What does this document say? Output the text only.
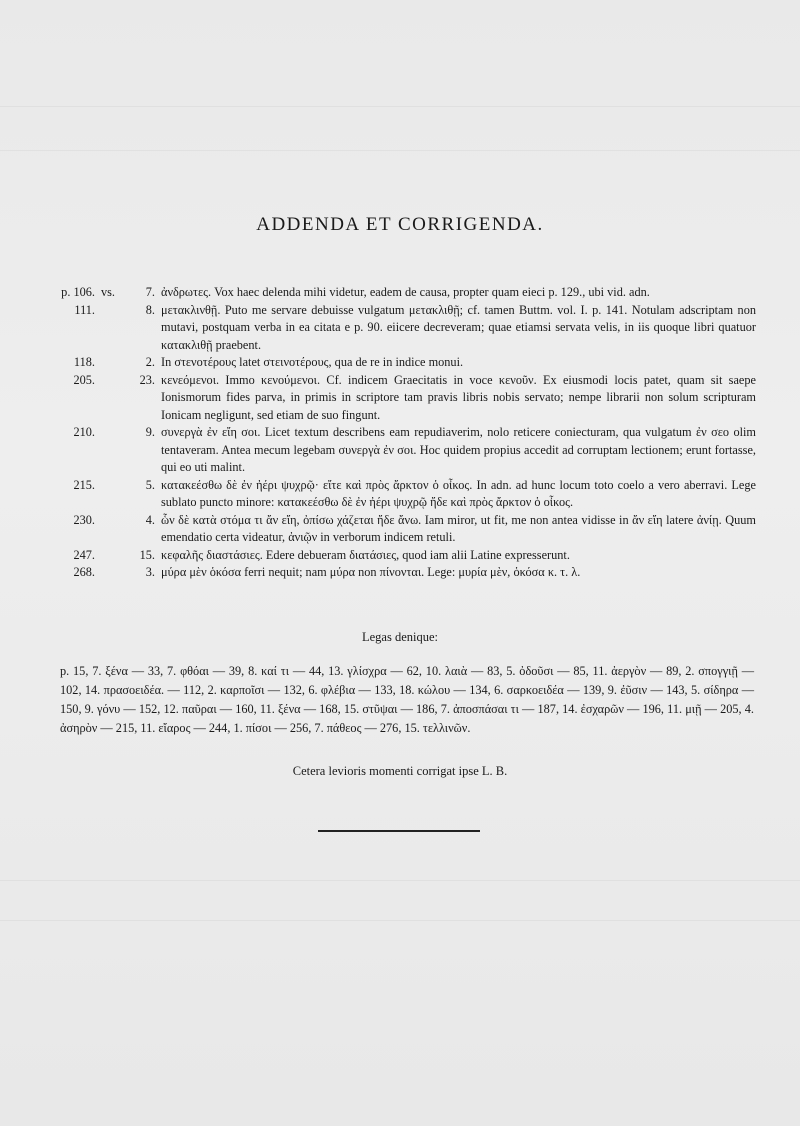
ADDENDA ET CORRIGENDA.
p. 106. vs.	7. ἀνδρωτες. Vox haec delenda mihi videtur, eadem de causa, propter quam eieci p. 129., ubi vid. adn.
111.	8. μετακλινθῇ. Puto me servare debuisse vulgatum μετακλιθῇ; cf. tamen Buttm. vol. I. p. 141. Notulam adscriptam non mutavi, postquam verba in ea citata e p. 90. eiicere decreveram; quae etiamsi servata velis, in iis quoque libri quatuor κατακλιθῇ praebent.
118.	2. In στενοτέρους latet στεινοτέρους, qua de re in indice monui.
205.	23. κενεόμενοι. Immo κενούμενοι. Cf. indicem Graecitatis in voce κενοῦν. Ex eiusmodi locis patet, quam sit saepe Ionismorum fides parva, in primis in scriptore tam pravis libris nobis servato; nempe librarii non solum scripturam Ionicam negligunt, sed etiam de suo fingunt.
210.	9. συνεργὰ ἐν εἴη σοι. Licet textum describens eam repudiaverim, nolo reticere coniecturam, qua vulgatum ἐν σεο olim tentaveram. Antea mecum legebam συνεργὰ ἐν σοι. Hoc quidem propius accedit ad corruptam lectionem; erunt fortasse, qui eo uti malint.
215.	5. κατακεέσθω δὲ ἐν ἠέρι ψυχρῷ· εἴτε καὶ πρὸς ἄρκτον ὁ οἶκος. In adn. ad hunc locum toto coelo a vero aberravi. Lege sublato puncto minore: κατακεέσθω δὲ ἐν ἠέρι ψυχρῷ ἤδε καὶ πρὸς ἄρκτον ὁ οἶκος.
230.	4. ὧν δὲ κατὰ στόμα τι ἄν εἴη, ὀπίσω χάζεται ἤδε ἄνω. Iam miror, ut fit, me non antea vidisse in ἄν εἴη latere ἀνίῃ. Quum emendatio certa videatur, ἀνιῷν in verborum indicem retuli.
247.	15. κεφαλῆς διαστάσιες. Edere debueram διατάσιες, quod iam alii Latine expresserunt.
268.	3. μύρα μὲν ὁκόσα ferri nequit; nam μύρα non πίνονται. Lege: μυρία μὲν, ὁκόσα κ. τ. λ.
Legas denique:
p. 15, 7. ξένα — 33, 7. φθόαι — 39, 8. καί τι — 44, 13. γλίσχρα — 62, 10. λαιὰ — 83, 5. ὀδοῦσι — 85, 11. ἀεργὸν — 89, 2. σπογγιῇ — 102, 14. πρασοειδέα. — 112, 2. καρποῖσι — 132, 6. φλέβια — 133, 18. κώλου — 134, 6. σαρκοειδέα — 139, 9. ἐῦσιν — 143, 5. σίδηρα — 150, 9. γόνυ — 152, 12. παῦραι — 160, 11. ξένα — 168, 15. στῦψαι — 186, 7. ἀποσπάσαι τι — 187, 14. ἐσχαρῶν — 196, 11. μιῇ — 205, 4. ἀσηρὸν — 215, 11. εἴαρος — 244, 1. πίσοι — 256, 7. πάθεος — 276, 15. τελλινῶν.
Cetera levioris momenti corrigat ipse L. B.
